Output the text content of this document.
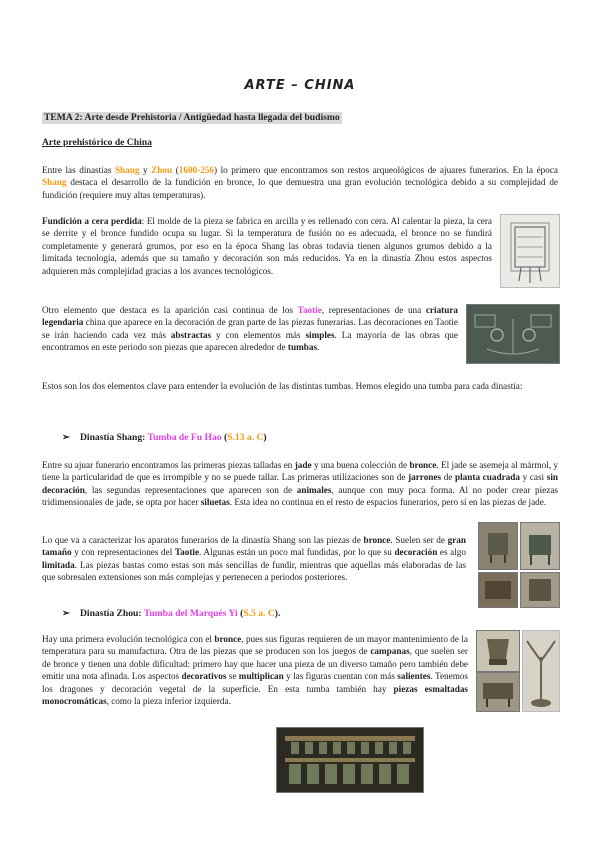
ARTE – CHINA
TEMA 2: Arte desde Prehistoria / Antigüedad hasta llegada del budismo
Arte prehistórico de China

Entre las dinastías Shang y Zhou (1600-256) lo primero que encontramos son restos arqueológicos de ajuares funerarios. En la época Shang destaca el desarrollo de la fundición en bronce, lo que demuestra una gran evolución tecnológica debido a su complejidad de fundición (requiere muy altas temperaturas).

Fundición a cera perdida: El molde de la pieza se fabrica en arcilla y es rellenado con cera. Al calentar la pieza, la cera se derrite y el bronce fundido ocupa su lugar. Si la temperatura de fusión no es adecuada, el bronce no se fundirá completamente y generará grumos, por eso en la época Shang las obras todavía tienen algunos grumos debido a la limitada tecnología, además que su tamaño y decoración son más reducidos. Ya en la dinastía Zhou estos aspectos adquieren más complejidad gracias a los avances tecnológicos.

Otro elemento que destaca es la aparición casi continua de los Taotie, representaciones de una criatura legendaria china que aparece en la decoración de gran parte de las piezas funerarias. Las decoraciones en Taotie se irán haciendo cada vez más abstractas y con elementos más simples. La mayoría de las obras que encontramos en este periodo son piezas que aparecen alrededor de tumbas.

Estos son los dos elementos clave para entender la evolución de las distintas tumbas. Hemos elegido una tumba para cada dinastía:

➢ Dinastía Shang: Tumba de Fu Hao (S.13 a. C)

Entre su ajuar funerario encontramos las primeras piezas talladas en jade y una buena colección de bronce. El jade se asemeja al mármol, y tiene la particularidad de que es irrompible y no se puede tallar. Las primeras utilizaciones son de jarrones de planta cuadrada y casi sin decoración, las segundas representaciones que aparecen son de animales, aunque con muy poca forma. Al no poder crear piezas tridimensionales de jade, se opta por hacer siluetas. Esta idea no continua en el resto de espacios funerarios, pero sí en las piezas de jade.

Lo que va a caracterizar los aparatos funerarios de la dinastía Shang son las piezas de bronce. Suelen ser de gran tamaño y con representaciones del Taotie. Algunas están un poco mal fundidas, por lo que su decoración es algo limitada. Las piezas bastas como estas son más sencillas de fundir, mientras que aquellas más elaboradas de las que sobresalen extensiones son más complejas y pertenecen a periodos posteriores.

➢ Dinastía Zhou: Tumba del Marqués Yi (S.5 a. C).

Hay una primera evolución tecnológica con el bronce, pues sus figuras requieren de un mayor mantenimiento de la temperatura para su manufactura. Otra de las piezas que se producen son los juegos de campanas, que suelen ser de bronce y tienen una doble dificultad: primero hay que hacer una pieza de un diverso tamaño pero también debe emitir una nota afinada. Los aspectos decorativos se multiplican y las figuras cuentan con más salientes. Tenemos los dragones y decoración vegetal de la superficie. En esta tumba también hay piezas esmaltadas monocromáticas, como la pieza inferior izquierda.
